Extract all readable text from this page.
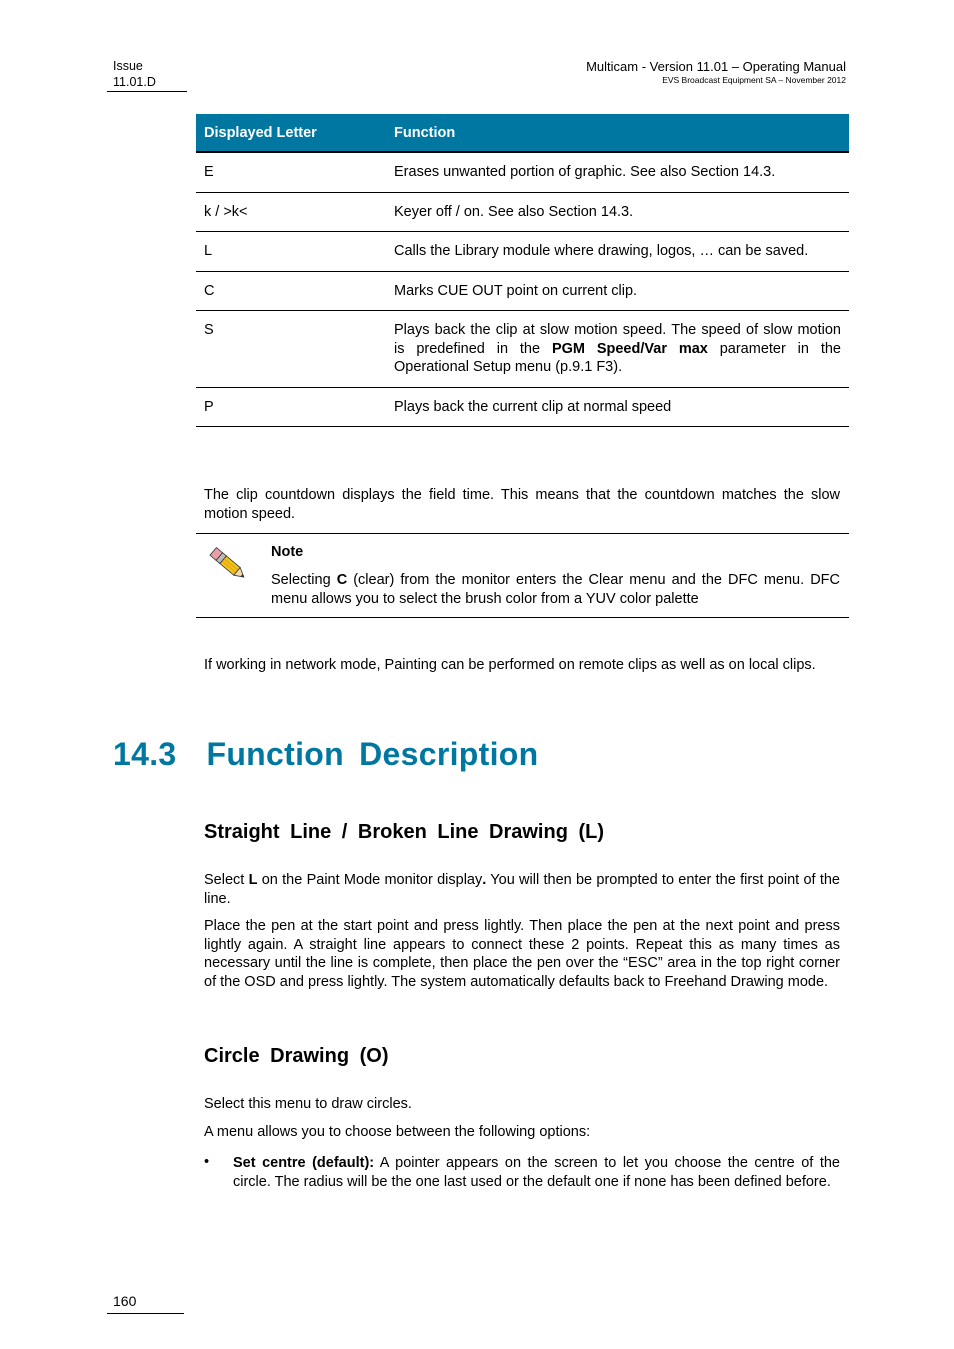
Issue
11.01.D
Multicam - Version 11.01 – Operating Manual
EVS Broadcast Equipment SA – November 2012
Displayed Letter	Function
E	Erases unwanted portion of graphic. See also Section 14.3.
k / >k<	Keyer off / on. See also Section 14.3.
L	Calls the Library module where drawing, logos, … can be saved.
C	Marks CUE OUT point on current clip.
S	Plays back the clip at slow motion speed. The speed of slow motion is predefined in the PGM Speed/Var max parameter in the Operational Setup menu (p.9.1 F3).
P	Plays back the current clip at normal speed
The clip countdown displays the field time. This means that the countdown matches the slow motion speed.
Note
Selecting C (clear) from the monitor enters the Clear menu and the DFC menu. DFC menu allows you to select the brush color from a YUV color palette
If working in network mode, Painting can be performed on remote clips as well as on local clips.
14.3 Function Description
Straight Line / Broken Line Drawing (L)
Select L on the Paint Mode monitor display. You will then be prompted to enter the first point of the line.
Place the pen at the start point and press lightly. Then place the pen at the next point and press lightly again. A straight line appears to connect these 2 points. Repeat this as many times as necessary until the line is complete, then place the pen over the “ESC” area in the top right corner of the OSD and press lightly. The system automatically defaults back to Freehand Drawing mode.
Circle Drawing (O)
Select this menu to draw circles.
A menu allows you to choose between the following options:
• Set centre (default): A pointer appears on the screen to let you choose the centre of the circle. The radius will be the one last used or the default one if none has been defined before.
160
